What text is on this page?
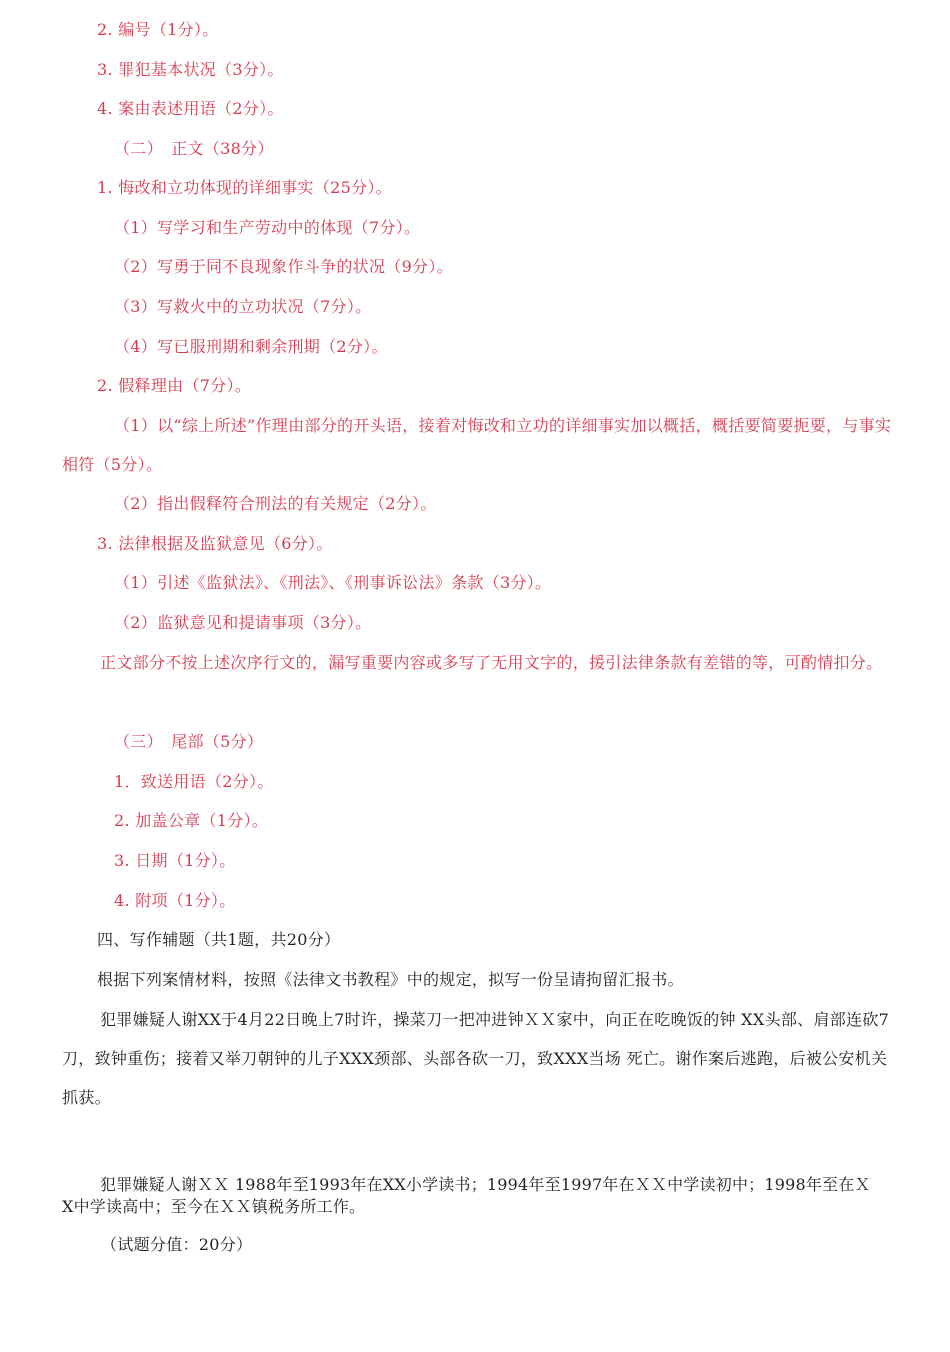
2. 编号（1分）。
3. 罪犯基本状况（3分）。
4. 案由表述用语（2分）。
（二）　正文（38分）
1. 悔改和立功体现的详细事实（25分）。
（1）写学习和生产劳动中的体现（7分）。
（2）写勇于同不良现象作斗争的状况（9分）。
（3）写救火中的立功状况（7分）。
（4）写已服刑期和剩余刑期（2分）。
2. 假释理由（7分）。
（1）以“综上所述”作理由部分的开头语，接着对悔改和立功的详细事实加以概括，概括要简要扼要，与事实相符（5分）。
（2）指出假释符合刑法的有关规定（2分）。
3. 法律根据及监狱意见（6分）。
（1）引述《监狱法》、《刑法》、《刑事诉讼法》条款（3分）。
（2）监狱意见和提请事项（3分）。
正文部分不按上述次序行文的，漏写重要内容或多写了无用文字的，援引法律条款有差错的等，可酌情扣分。
（三）　尾部（5分）
1．致送用语（2分）。
2. 加盖公章（1分）。
3. 日期（1分）。
4. 附项（1分）。
四、写作辅题（共1题，共20分）
根据下列案情材料，按照《法律文书教程》中的规定，拟写一份呈请拘留汇报书。
犯罪嫌疑人谢XX于4月22日晚上7时许，操菜刀一把冲进钟ＸＸ家中，向正在吃晚饭的钟 XX头部、肩部连砍7刀，致钟重伤；接着又举刀朝钟的儿子XXX颈部、头部各砍一刀，致XXX当场 死亡。谢作案后逃跑，后被公安机关抓获。
犯罪嫌疑人谢ＸＸ 1988年至1993年在XX小学读书；1994年至1997年在ＸＸ中学读初中；1998年至在Ｘ X中学读高中；至今在ＸＸ镇税务所工作。
（试题分值：20分）
